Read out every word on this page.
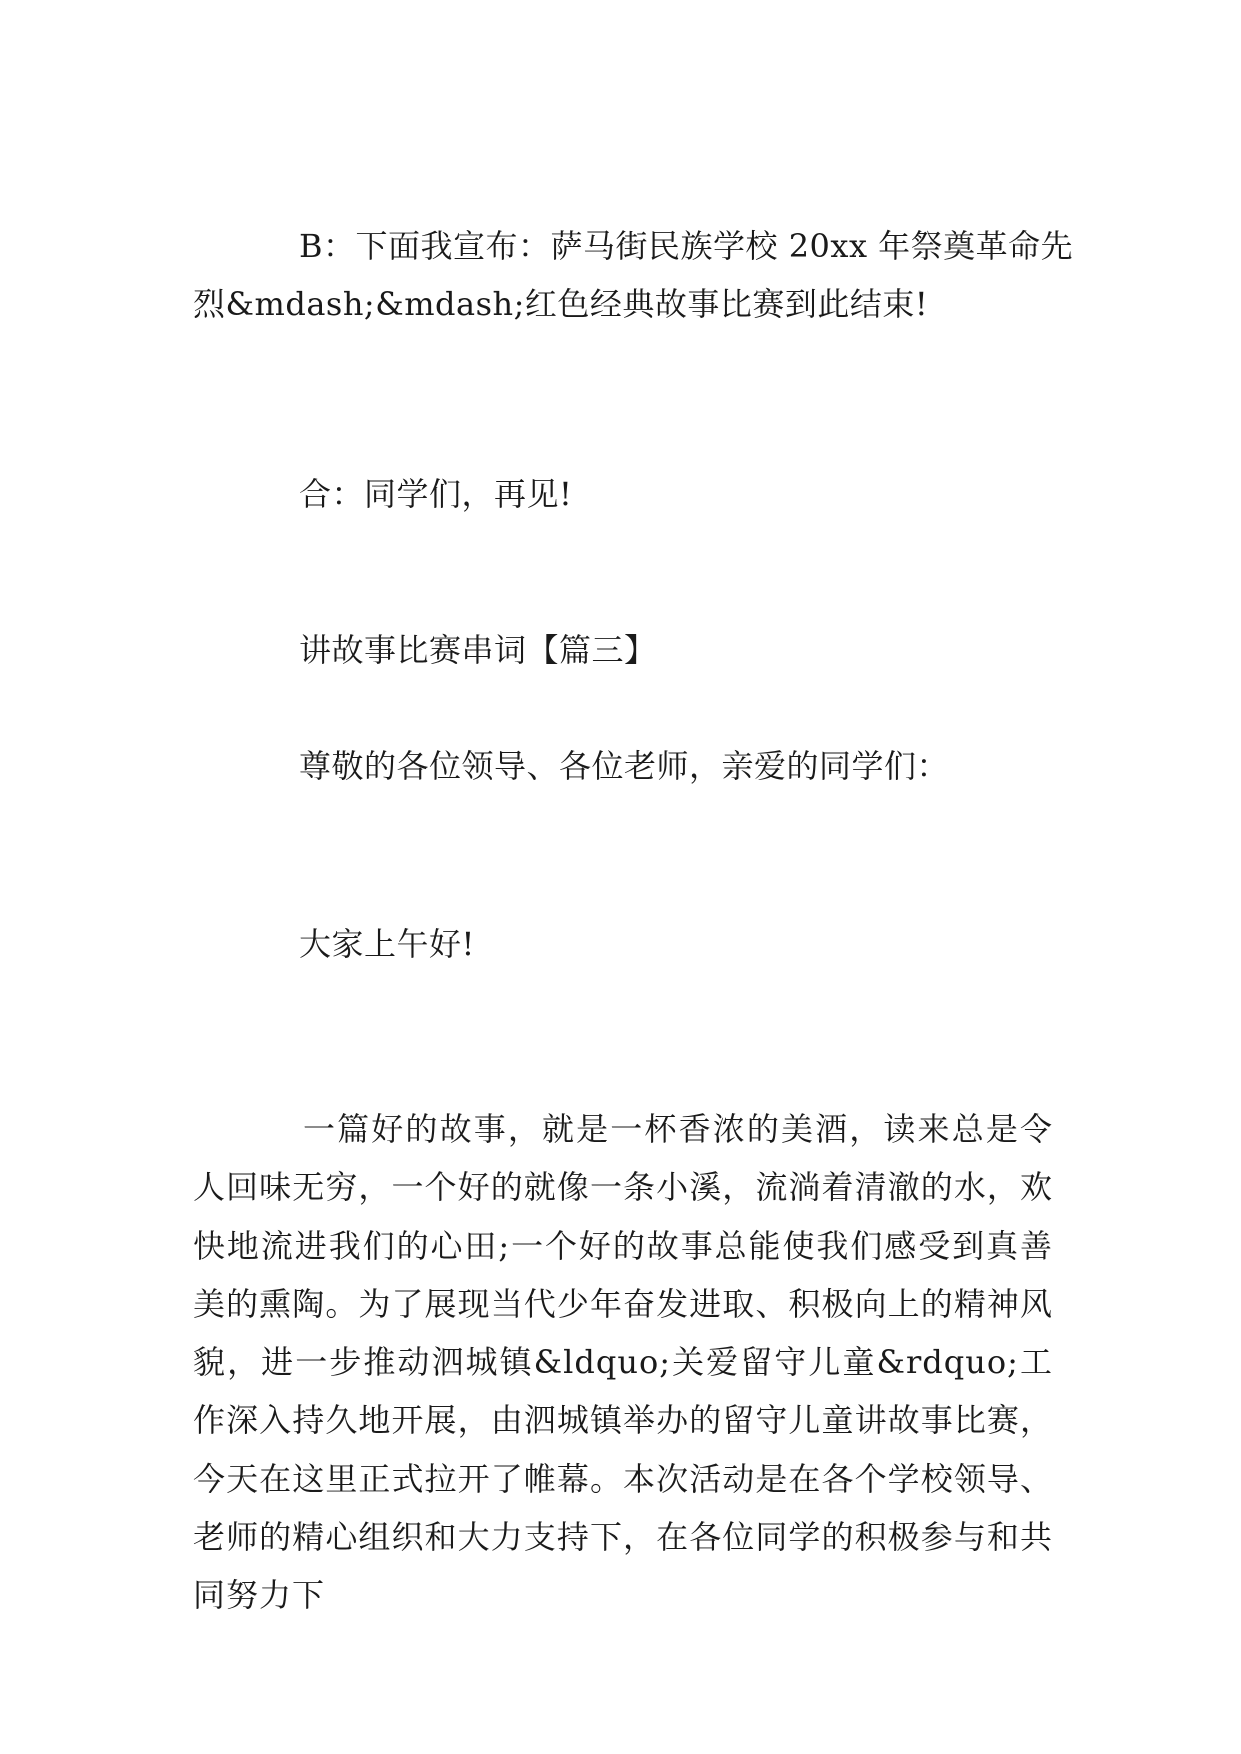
B：下面我宣布：萨马街民族学校 20xx 年祭奠革命先
烈&mdash;&mdash;红色经典故事比赛到此结束!
合：同学们，再见!
讲故事比赛串词【篇三】
尊敬的各位领导、各位老师，亲爱的同学们：
大家上午好!
一篇好的故事，就是一杯香浓的美酒，读来总是令人回味无穷，一个好的就像一条小溪，流淌着清澈的水，欢快地流进我们的心田;一个好的故事总能使我们感受到真善美的熏陶。为了展现当代少年奋发进取、积极向上的精神风貌，进一步推动泗城镇&ldquo;关爱留守儿童&rdquo;工作深入持久地开展，由泗城镇举办的留守儿童讲故事比赛，今天在这里正式拉开了帷幕。本次活动是在各个学校领导、老师的精心组织和大力支持下，在各位同学的积极参与和共同努力下
